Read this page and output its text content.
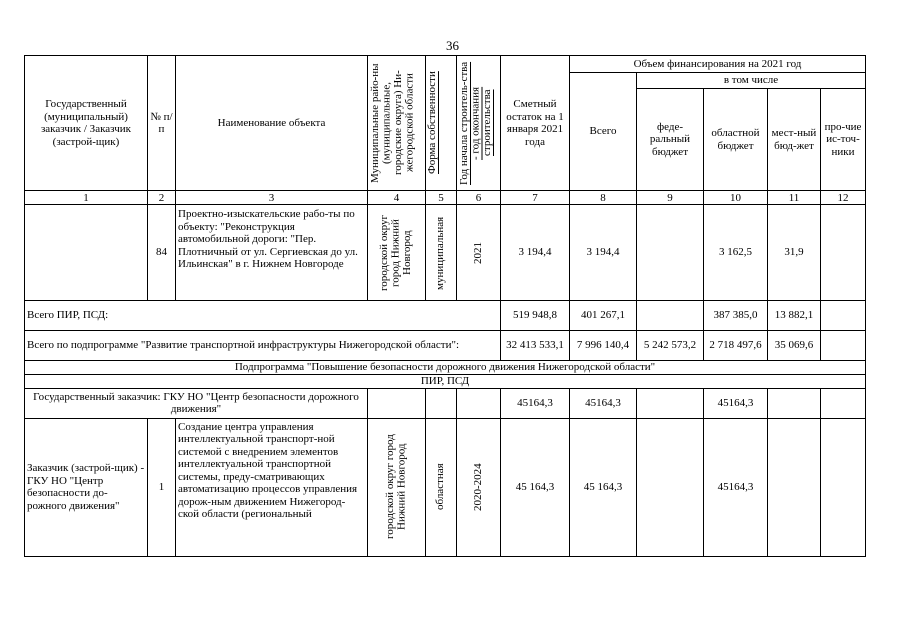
36
Государственный (муниципальный) заказчик / Заказчик (застрой-щик)	№ п/п	Наименование объекта	Муниципальные райо-ны (муниципальные, городские округа) Ни-жегородской области	Форма собственности	Год начала строитель-ства - год окончания строительства	Сметный остаток на 1 января 2021 года	Объем финансирования на 2021 год				
							Всего	в том числе			
								феде-ральный бюджет	областной бюджет	мест-ный бюд-жет	про-чие ис-точ-ники
1	2	3	4	5	6	7	8	9	10	11	12
	84	Проектно-изыскательские рабо-ты по объекту: "Реконструкция автомобильной дороги: "Пер. Плотничный от ул. Сергиевская до ул. Ильинская" в г. Нижнем Новгороде	городской округ город Нижний Новгород	муниципальная	2021	3 194,4	3 194,4		3 162,5	31,9	
Всего ПИР, ПСД:						519 948,8	401 267,1		387 385,0	13 882,1	
Всего по подпрограмме "Развитие транспортной инфраструктуры Нижегородской области":						32 413 533,1	7 996 140,4	5 242 573,2	2 718 497,6	35 069,6	
Подпрограмма "Повышение безопасности дорожного движения Нижегородской области"											
ПИР, ПСД											
Государственный заказчик: ГКУ НО "Центр безопасности дорожного движения"						45164,3	45164,3		45164,3		
Заказчик (застрой-щик) - ГКУ НО "Центр безопасности до-рожного движения"	1	Создание центра управления интеллектуальной транспорт-ной системой с внедрением элементов интеллектуальной транспортной системы, преду-сматривающих автоматизацию процессов управления дорож-ным движением Нижегород-ской области (региональный	городской округ город Нижний Новгород	областная	2020-2024	45 164,3	45 164,3		45164,3		
